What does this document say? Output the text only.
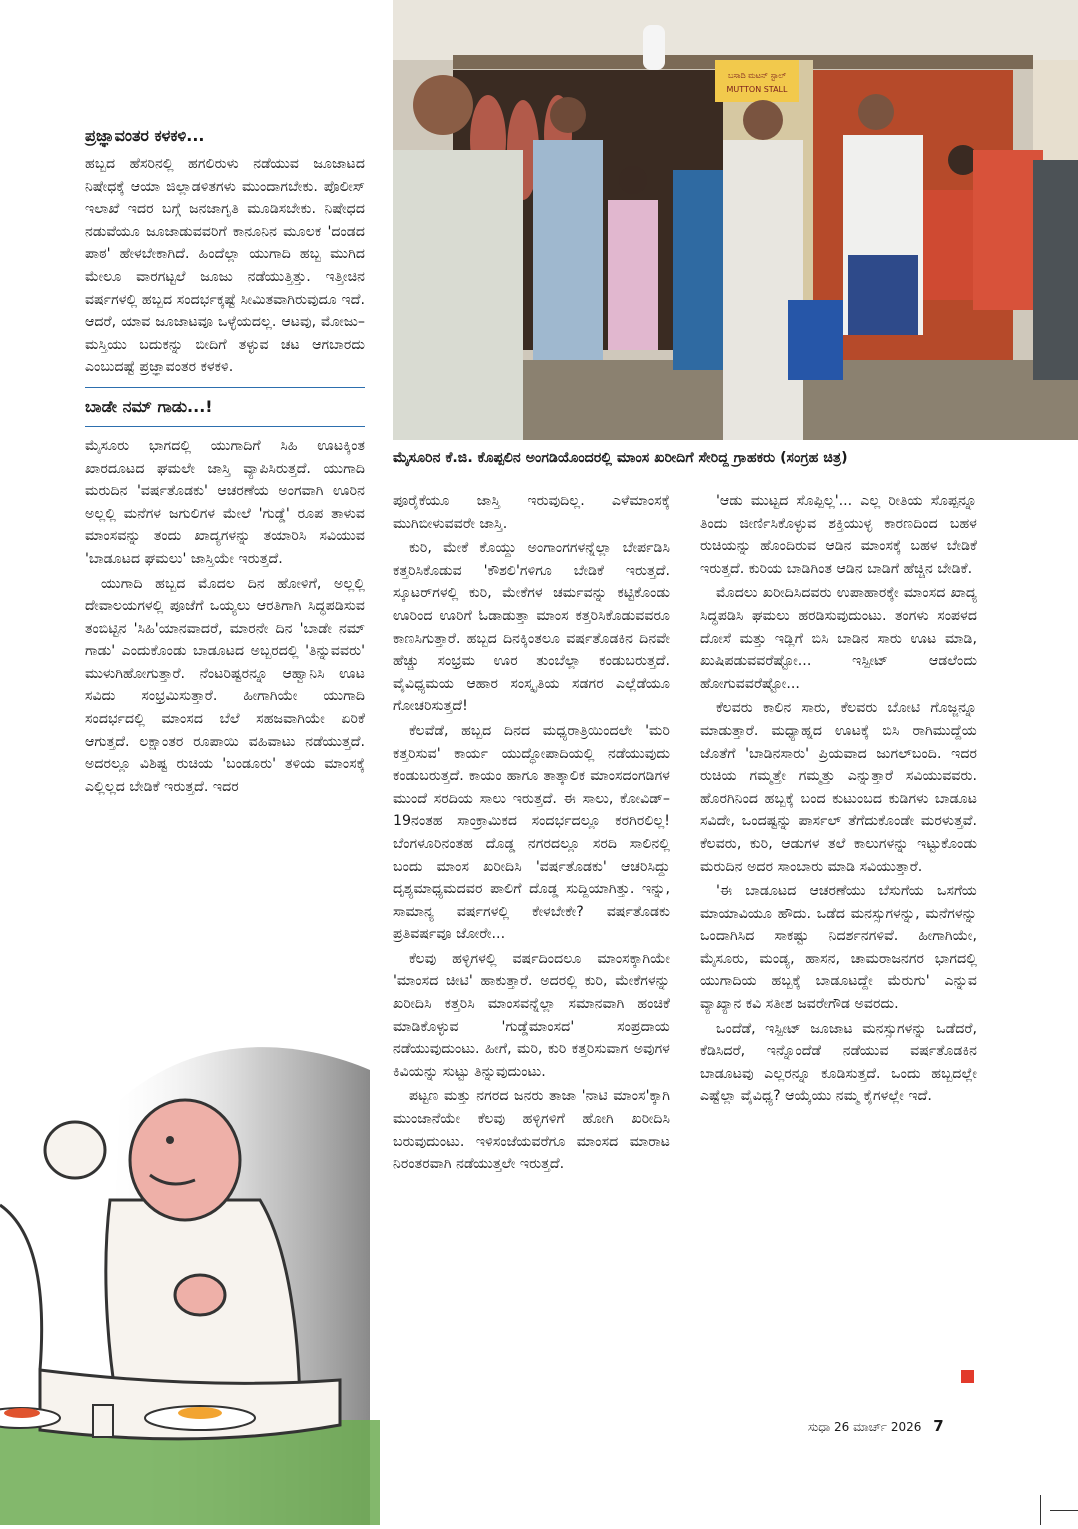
ಬಸಾದಿ ಮಟನ್ ಸ್ಟಾಲ್
MUTTON STALL
ಮೈಸೂರಿನ ಕೆ.ಜಿ. ಕೊಪ್ಪಲಿನ ಅಂಗಡಿಯೊಂದರಲ್ಲಿ ಮಾಂಸ ಖರೀದಿಗೆ ಸೇರಿದ್ದ ಗ್ರಾಹಕರು (ಸಂಗ್ರಹ ಚಿತ್ರ)
ಪ್ರಜ್ಞಾವಂತರ ಕಳಕಳಿ...

ಹಬ್ಬದ ಹೆಸರಿನಲ್ಲಿ ಹಗಲಿರುಳು ನಡೆಯುವ ಜೂಜಾಟದ ನಿಷೇಧಕ್ಕೆ ಆಯಾ ಜಿಲ್ಲಾಡಳಿತಗಳು ಮುಂದಾಗಬೇಕು. ಪೊಲೀಸ್ ಇಲಾಖೆ ಇದರ ಬಗ್ಗೆ ಜನಜಾಗೃತಿ ಮೂಡಿಸಬೇಕು. ನಿಷೇಧದ ನಡುವೆಯೂ ಜೂಜಾಡುವವರಿಗೆ ಕಾನೂನಿನ ಮೂಲಕ 'ದಂಡದ ಪಾಠ' ಹೇಳಬೇಕಾಗಿದೆ. ಹಿಂದೆಲ್ಲಾ ಯುಗಾದಿ ಹಬ್ಬ ಮುಗಿದ ಮೇಲೂ ವಾರಗಟ್ಟಲೆ ಜೂಜು ನಡೆಯುತ್ತಿತ್ತು. ಇತ್ತೀಚಿನ ವರ್ಷಗಳಲ್ಲಿ ಹಬ್ಬದ ಸಂದರ್ಭಕ್ಕಷ್ಟೆ ಸೀಮಿತವಾಗಿರುವುದೂ ಇದೆ. ಆದರೆ, ಯಾವ ಜೂಜಾಟವೂ ಒಳ್ಳೆಯದಲ್ಲ. ಆಟವು, ಮೋಜು–ಮಸ್ತಿಯು ಬದುಕನ್ನು ಬೀದಿಗೆ ತಳ್ಳುವ ಚಟ ಆಗಬಾರದು ಎಂಬುದಷ್ಟೆ ಪ್ರಜ್ಞಾವಂತರ ಕಳಕಳಿ.

ಬಾಡೇ ನಮ್ ಗಾಡು...!

ಮೈಸೂರು ಭಾಗದಲ್ಲಿ ಯುಗಾದಿಗೆ ಸಿಹಿ ಊಟಕ್ಕಿಂತ ಖಾರದೂಟದ ಘಮಲೇ ಜಾಸ್ತಿ ವ್ಯಾಪಿಸಿರುತ್ತದೆ. ಯುಗಾದಿ ಮರುದಿನ 'ವರ್ಷತೊಡಕು' ಆಚರಣೆಯ ಅಂಗವಾಗಿ ಊರಿನ ಅಲ್ಲಲ್ಲಿ ಮನೆಗಳ ಜಗುಲಿಗಳ ಮೇಲೆ 'ಗುಡ್ಡೆ' ರೂಪ ತಾಳುವ ಮಾಂಸವನ್ನು ತಂದು ಖಾದ್ಯಗಳನ್ನು ತಯಾರಿಸಿ ಸವಿಯುವ 'ಬಾಡೂಟದ ಘಮಲು' ಜಾಸ್ತಿಯೇ ಇರುತ್ತದೆ.

ಯುಗಾದಿ ಹಬ್ಬದ ಮೊದಲ ದಿನ ಹೋಳಿಗೆ, ಅಲ್ಲಲ್ಲಿ ದೇವಾಲಯಗಳಲ್ಲಿ ಪೂಜೆಗೆ ಒಯ್ಯಲು ಆರತಿಗಾಗಿ ಸಿದ್ಧಪಡಿಸುವ ತಂಬಿಟ್ಟಿನ 'ಸಿಹಿ'ಯಾನವಾದರೆ, ಮಾರನೇ ದಿನ 'ಬಾಡೇ ನಮ್ ಗಾಡು' ಎಂದುಕೊಂಡು ಬಾಡೂಟದ ಅಬ್ಬರದಲ್ಲಿ 'ತಿನ್ನುವವರು' ಮುಳುಗಿಹೋಗುತ್ತಾರೆ. ನೆಂಟರಿಷ್ಟರನ್ನೂ ಆಹ್ವಾನಿಸಿ ಊಟ ಸವಿದು ಸಂಭ್ರಮಿಸುತ್ತಾರೆ. ಹೀಗಾಗಿಯೇ ಯುಗಾದಿ ಸಂದರ್ಭದಲ್ಲಿ ಮಾಂಸದ ಬೆಲೆ ಸಹಜವಾಗಿಯೇ ಏರಿಕೆ ಆಗುತ್ತದೆ. ಲಕ್ಷಾಂತರ ರೂಪಾಯಿ ವಹಿವಾಟು ನಡೆಯುತ್ತದೆ. ಅದರಲ್ಲೂ ವಿಶಿಷ್ಟ ರುಚಿಯ 'ಬಂಡೂರು' ತಳಿಯ ಮಾಂಸಕ್ಕೆ ಎಲ್ಲಿಲ್ಲದ ಬೇಡಿಕೆ ಇರುತ್ತದೆ. ಇದರ

ಪೂರೈಕೆಯೂ ಜಾಸ್ತಿ ಇರುವುದಿಲ್ಲ. ಎಳೆಮಾಂಸಕ್ಕೆ ಮುಗಿಬೀಳುವವರೇ ಜಾಸ್ತಿ.

ಕುರಿ, ಮೇಕೆ ಕೊಯ್ದು ಅಂಗಾಂಗಗಳನ್ನೆಲ್ಲಾ ಬೇರ್ಪಡಿಸಿ ಕತ್ತರಿಸಿಕೊಡುವ 'ಕೌಶಲಿ'ಗಳಿಗೂ ಬೇಡಿಕೆ ಇರುತ್ತದೆ. ಸ್ಕೂಟರ್‌ಗಳಲ್ಲಿ ಕುರಿ, ಮೇಕೆಗಳ ಚರ್ಮವನ್ನು ಕಟ್ಟಿಕೊಂಡು ಊರಿಂದ ಊರಿಗೆ ಓಡಾಡುತ್ತಾ ಮಾಂಸ ಕತ್ತರಿಸಿಕೊಡುವವರೂ ಕಾಣಸಿಗುತ್ತಾರೆ. ಹಬ್ಬದ ದಿನಕ್ಕಿಂತಲೂ ವರ್ಷತೊಡಕಿನ ದಿನವೇ ಹೆಚ್ಚು ಸಂಭ್ರಮ ಊರ ತುಂಬೆಲ್ಲಾ ಕಂಡುಬರುತ್ತದೆ. ವೈವಿಧ್ಯಮಯ ಆಹಾರ ಸಂಸ್ಕೃತಿಯ ಸಡಗರ ಎಲ್ಲೆಡೆಯೂ ಗೋಚರಿಸುತ್ತದೆ!

ಕೆಲವೆಡೆ, ಹಬ್ಬದ ದಿನದ ಮಧ್ಯರಾತ್ರಿಯಿಂದಲೇ 'ಮರಿ ಕತ್ತರಿಸುವ' ಕಾರ್ಯ ಯುದ್ಧೋಪಾದಿಯಲ್ಲಿ ನಡೆಯುವುದು ಕಂಡುಬರುತ್ತದೆ. ಕಾಯಂ ಹಾಗೂ ತಾತ್ಕಾಲಿಕ ಮಾಂಸದಂಗಡಿಗಳ ಮುಂದೆ ಸರದಿಯ ಸಾಲು ಇರುತ್ತದೆ. ಈ ಸಾಲು, ಕೋವಿಡ್–19ನಂತಹ ಸಾಂಕ್ರಾಮಿಕದ ಸಂದರ್ಭದಲ್ಲೂ ಕರಗಿರಲಿಲ್ಲ! ಬೆಂಗಳೂರಿನಂತಹ ದೊಡ್ಡ ನಗರದಲ್ಲೂ ಸರದಿ ಸಾಲಿನಲ್ಲಿ ಬಂದು ಮಾಂಸ ಖರೀದಿಸಿ 'ವರ್ಷತೊಡಕು' ಆಚರಿಸಿದ್ದು ದೃಶ್ಯಮಾಧ್ಯಮದವರ ಪಾಲಿಗೆ ದೊಡ್ಡ ಸುದ್ದಿಯಾಗಿತ್ತು. ಇನ್ನು, ಸಾಮಾನ್ಯ ವರ್ಷಗಳಲ್ಲಿ ಕೇಳಬೇಕೇ? ವರ್ಷತೊಡಕು ಪ್ರತಿವರ್ಷವೂ ಜೋರೇ...

ಕೆಲವು ಹಳ್ಳಿಗಳಲ್ಲಿ ವರ್ಷದಿಂದಲೂ ಮಾಂಸಕ್ಕಾಗಿಯೇ 'ಮಾಂಸದ ಚೀಟಿ' ಹಾಕುತ್ತಾರೆ. ಅದರಲ್ಲಿ ಕುರಿ, ಮೇಕೆಗಳನ್ನು ಖರೀದಿಸಿ ಕತ್ತರಿಸಿ ಮಾಂಸವನ್ನೆಲ್ಲಾ ಸಮಾನವಾಗಿ ಹಂಚಿಕೆ ಮಾಡಿಕೊಳ್ಳುವ 'ಗುಡ್ಡೆಮಾಂಸದ' ಸಂಪ್ರದಾಯ ನಡೆಯುವುದುಂಟು. ಹೀಗೆ, ಮರಿ, ಕುರಿ ಕತ್ತರಿಸುವಾಗ ಅವುಗಳ ಕಿವಿಯನ್ನು ಸುಟ್ಟು ತಿನ್ನುವುದುಂಟು.

ಪಟ್ಟಣ ಮತ್ತು ನಗರದ ಜನರು ತಾಜಾ 'ನಾಟಿ ಮಾಂಸ'ಕ್ಕಾಗಿ ಮುಂಜಾನೆಯೇ ಕೆಲವು ಹಳ್ಳಿಗಳಿಗೆ ಹೋಗಿ ಖರೀದಿಸಿ ಬರುವುದುಂಟು. ಇಳಿಸಂಜೆಯವರೆಗೂ ಮಾಂಸದ ಮಾರಾಟ ನಿರಂತರವಾಗಿ ನಡೆಯುತ್ತಲೇ ಇರುತ್ತದೆ.

'ಆಡು ಮುಟ್ಟದ ಸೊಪ್ಪಿಲ್ಲ'... ಎಲ್ಲ ರೀತಿಯ ಸೊಪ್ಪನ್ನೂ ತಿಂದು ಜೀರ್ಣಿಸಿಕೊಳ್ಳುವ ಶಕ್ತಿಯುಳ್ಳ ಕಾರಣದಿಂದ ಬಹಳ ರುಚಿಯನ್ನು ಹೊಂದಿರುವ ಆಡಿನ ಮಾಂಸಕ್ಕೆ ಬಹಳ ಬೇಡಿಕೆ ಇರುತ್ತದೆ. ಕುರಿಯ ಬಾಡಿಗಿಂತ ಆಡಿನ ಬಾಡಿಗೆ ಹೆಚ್ಚಿನ ಬೇಡಿಕೆ.

ಮೊದಲು ಖರೀದಿಸಿದವರು ಉಪಾಹಾರಕ್ಕೇ ಮಾಂಸದ ಖಾದ್ಯ ಸಿದ್ಧಪಡಿಸಿ ಘಮಲು ಹರಡಿಸುವುದುಂಟು. ತಂಗಳು ಸಂಪಳದ ದೋಸೆ ಮತ್ತು ಇಡ್ಲಿಗೆ ಬಿಸಿ ಬಾಡಿನ ಸಾರು ಊಟ ಮಾಡಿ, ಖುಷಿಪಡುವವರೆಷ್ಟೋ... ಇಸ್ಪೀಟ್ ಆಡಲೆಂದು ಹೋಗುವವರೆಷ್ಟೋ...

ಕೆಲವರು ಕಾಲಿನ ಸಾರು, ಕೆಲವರು ಬೋಟಿ ಗೊಜ್ಜನ್ನೂ ಮಾಡುತ್ತಾರೆ. ಮಧ್ಯಾಹ್ನದ ಊಟಕ್ಕೆ ಬಿಸಿ ರಾಗಿಮುದ್ದೆಯ ಜೊತೆಗೆ 'ಬಾಡಿನಸಾರು' ಪ್ರಿಯವಾದ ಜುಗಲ್‌ಬಂದಿ. ಇದರ ರುಚಿಯ ಗಮ್ಮತ್ತೇ ಗಮ್ಮತ್ತು ಎನ್ನುತ್ತಾರೆ ಸವಿಯುವವರು. ಹೊರಗಿನಿಂದ ಹಬ್ಬಕ್ಕೆ ಬಂದ ಕುಟುಂಬದ ಕುಡಿಗಳು ಬಾಡೂಟ ಸವಿದೇ, ಒಂದಷ್ಟನ್ನು ಪಾರ್ಸಲ್ ತೆಗೆದುಕೊಂಡೇ ಮರಳುತ್ತವೆ. ಕೆಲವರು, ಕುರಿ, ಆಡುಗಳ ತಲೆ ಕಾಲುಗಳನ್ನು ಇಟ್ಟುಕೊಂಡು ಮರುದಿನ ಅದರ ಸಾಂಬಾರು ಮಾಡಿ ಸವಿಯುತ್ತಾರೆ.

'ಈ ಬಾಡೂಟದ ಆಚರಣೆಯು ಬೆಸುಗೆಯ ಒಸಗೆಯ ಮಾಯಾವಿಯೂ ಹೌದು. ಒಡೆದ ಮನಸ್ಸುಗಳನ್ನು, ಮನೆಗಳನ್ನು ಒಂದಾಗಿಸಿದ ಸಾಕಷ್ಟು ನಿದರ್ಶನಗಳಿವೆ. ಹೀಗಾಗಿಯೇ, ಮೈಸೂರು, ಮಂಡ್ಯ, ಹಾಸನ, ಚಾಮರಾಜನಗರ ಭಾಗದಲ್ಲಿ ಯುಗಾದಿಯ ಹಬ್ಬಕ್ಕೆ ಬಾಡೂಟದ್ದೇ ಮೆರುಗು' ಎನ್ನುವ ವ್ಯಾಖ್ಯಾನ ಕವಿ ಸತೀಶ ಜವರೇಗೌಡ ಅವರದು.

ಒಂದೆಡೆ, ಇಸ್ಪೀಟ್ ಜೂಜಾಟ ಮನಸ್ಸುಗಳನ್ನು ಒಡೆದರೆ, ಕೆಡಿಸಿದರೆ, ಇನ್ನೊಂದೆಡೆ ನಡೆಯುವ ವರ್ಷತೊಡಕಿನ ಬಾಡೂಟವು ಎಲ್ಲರನ್ನೂ ಕೂಡಿಸುತ್ತದೆ. ಒಂದು ಹಬ್ಬದಲ್ಲೇ ಎಷ್ಟೆಲ್ಲಾ ವೈವಿಧ್ಯ? ಆಯ್ಕೆಯು ನಮ್ಮ ಕೈಗಳಲ್ಲೇ ಇದೆ.

ಸುಧಾ 26 ಮಾರ್ಚ್ 2026 7
